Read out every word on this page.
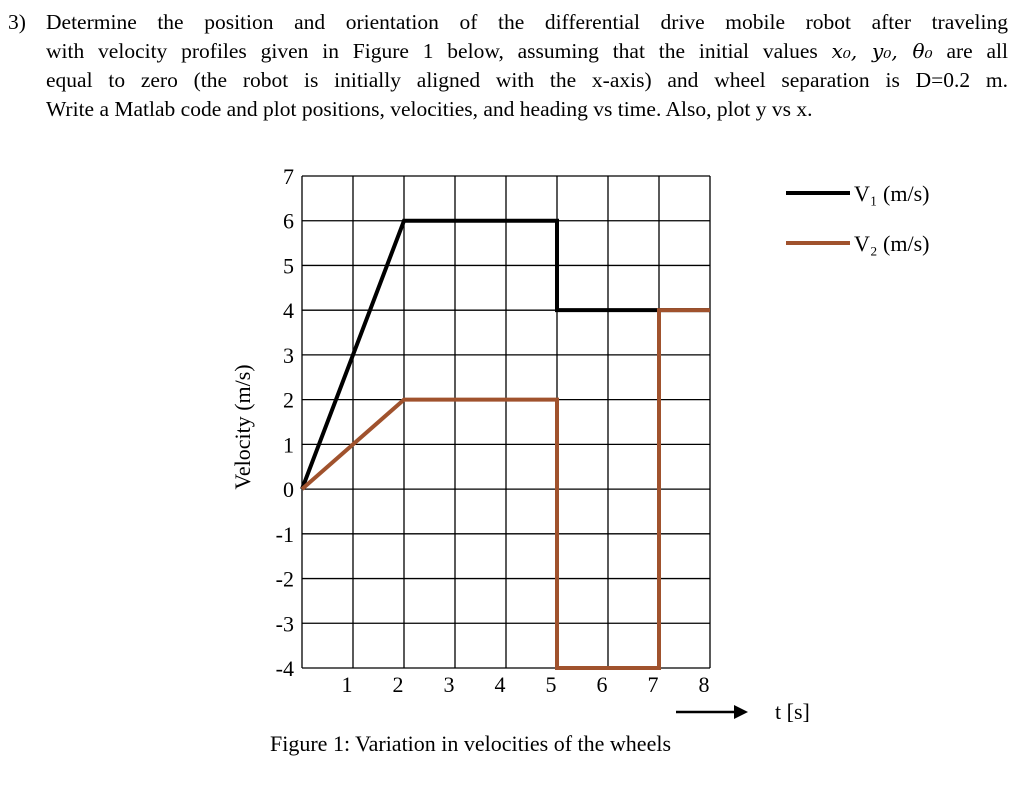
3) Determine the position and orientation of the differential drive mobile robot after traveling
with velocity profiles given in Figure 1 below, assuming that the initial values x₀, y₀, θ₀ are all
equal to zero (the robot is initially aligned with the x-axis) and wheel separation is D=0.2 m.
Write a Matlab code and plot positions, velocities, and heading vs time. Also, plot y vs x.
7
6
5
4
3
2
1
0
-1
-2
-3
-4
1 2 3 4 5 6 7 8
Velocity (m/s)
V₁ (m/s)
V₂ (m/s)
t [s]
Figure 1: Variation in velocities of the wheels
